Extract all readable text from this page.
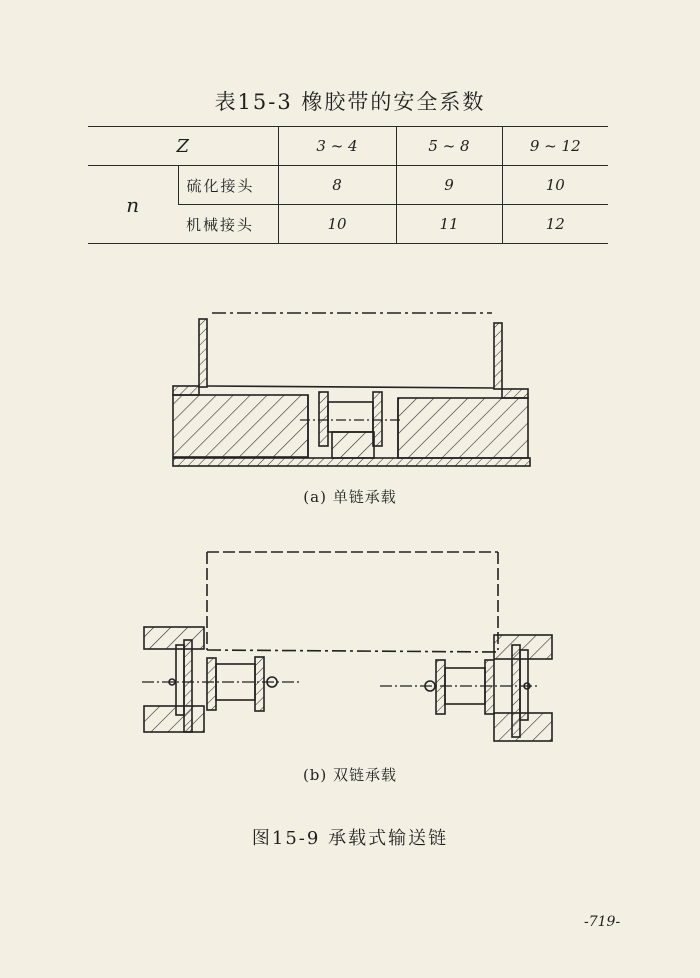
表15-3 橡胶带的安全系数
Z		3 ~ 4	5 ~ 8	9 ~ 12
n	硫化接头	8	9	10
	机械接头	10	11	12
(a) 单链承载
(b) 双链承载
图15-9 承载式输送链
-719-
